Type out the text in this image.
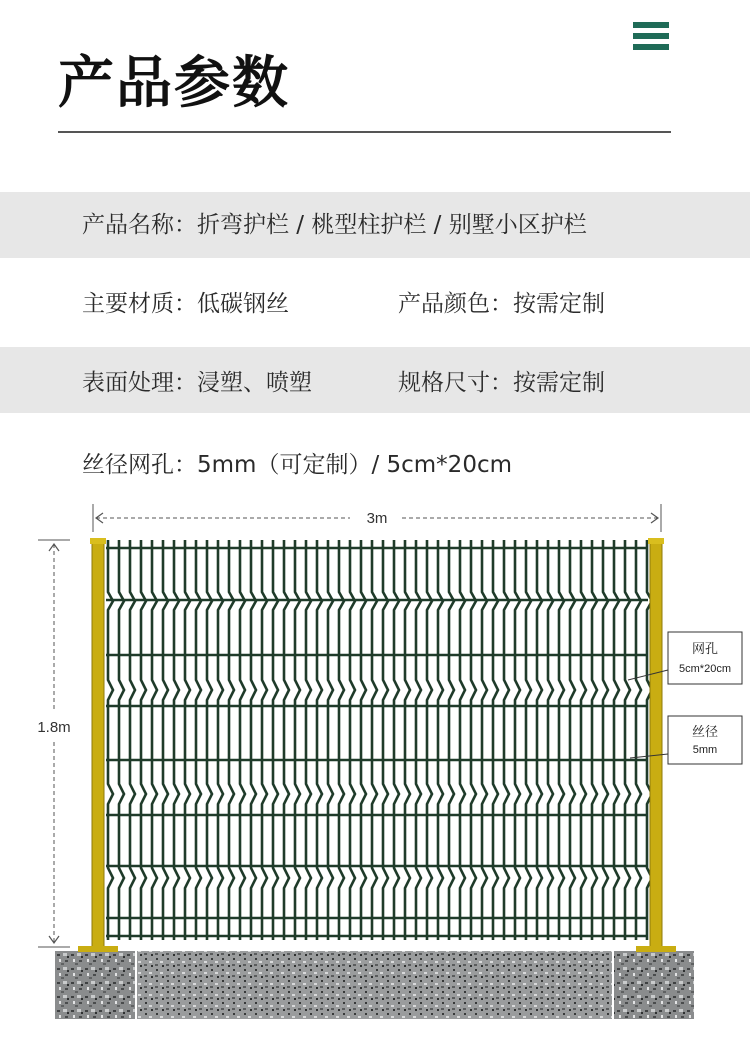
产品参数
产品名称：折弯护栏 / 桃型柱护栏 / 别墅小区护栏
主要材质：低碳钢丝	产品颜色：按需定制
表面处理：浸塑、喷塑	规格尺寸：按需定制
丝径网孔：5mm（可定制）/ 5cm*20cm
3m
1.8m
网孔
5cm*20cm
丝径
5mm
